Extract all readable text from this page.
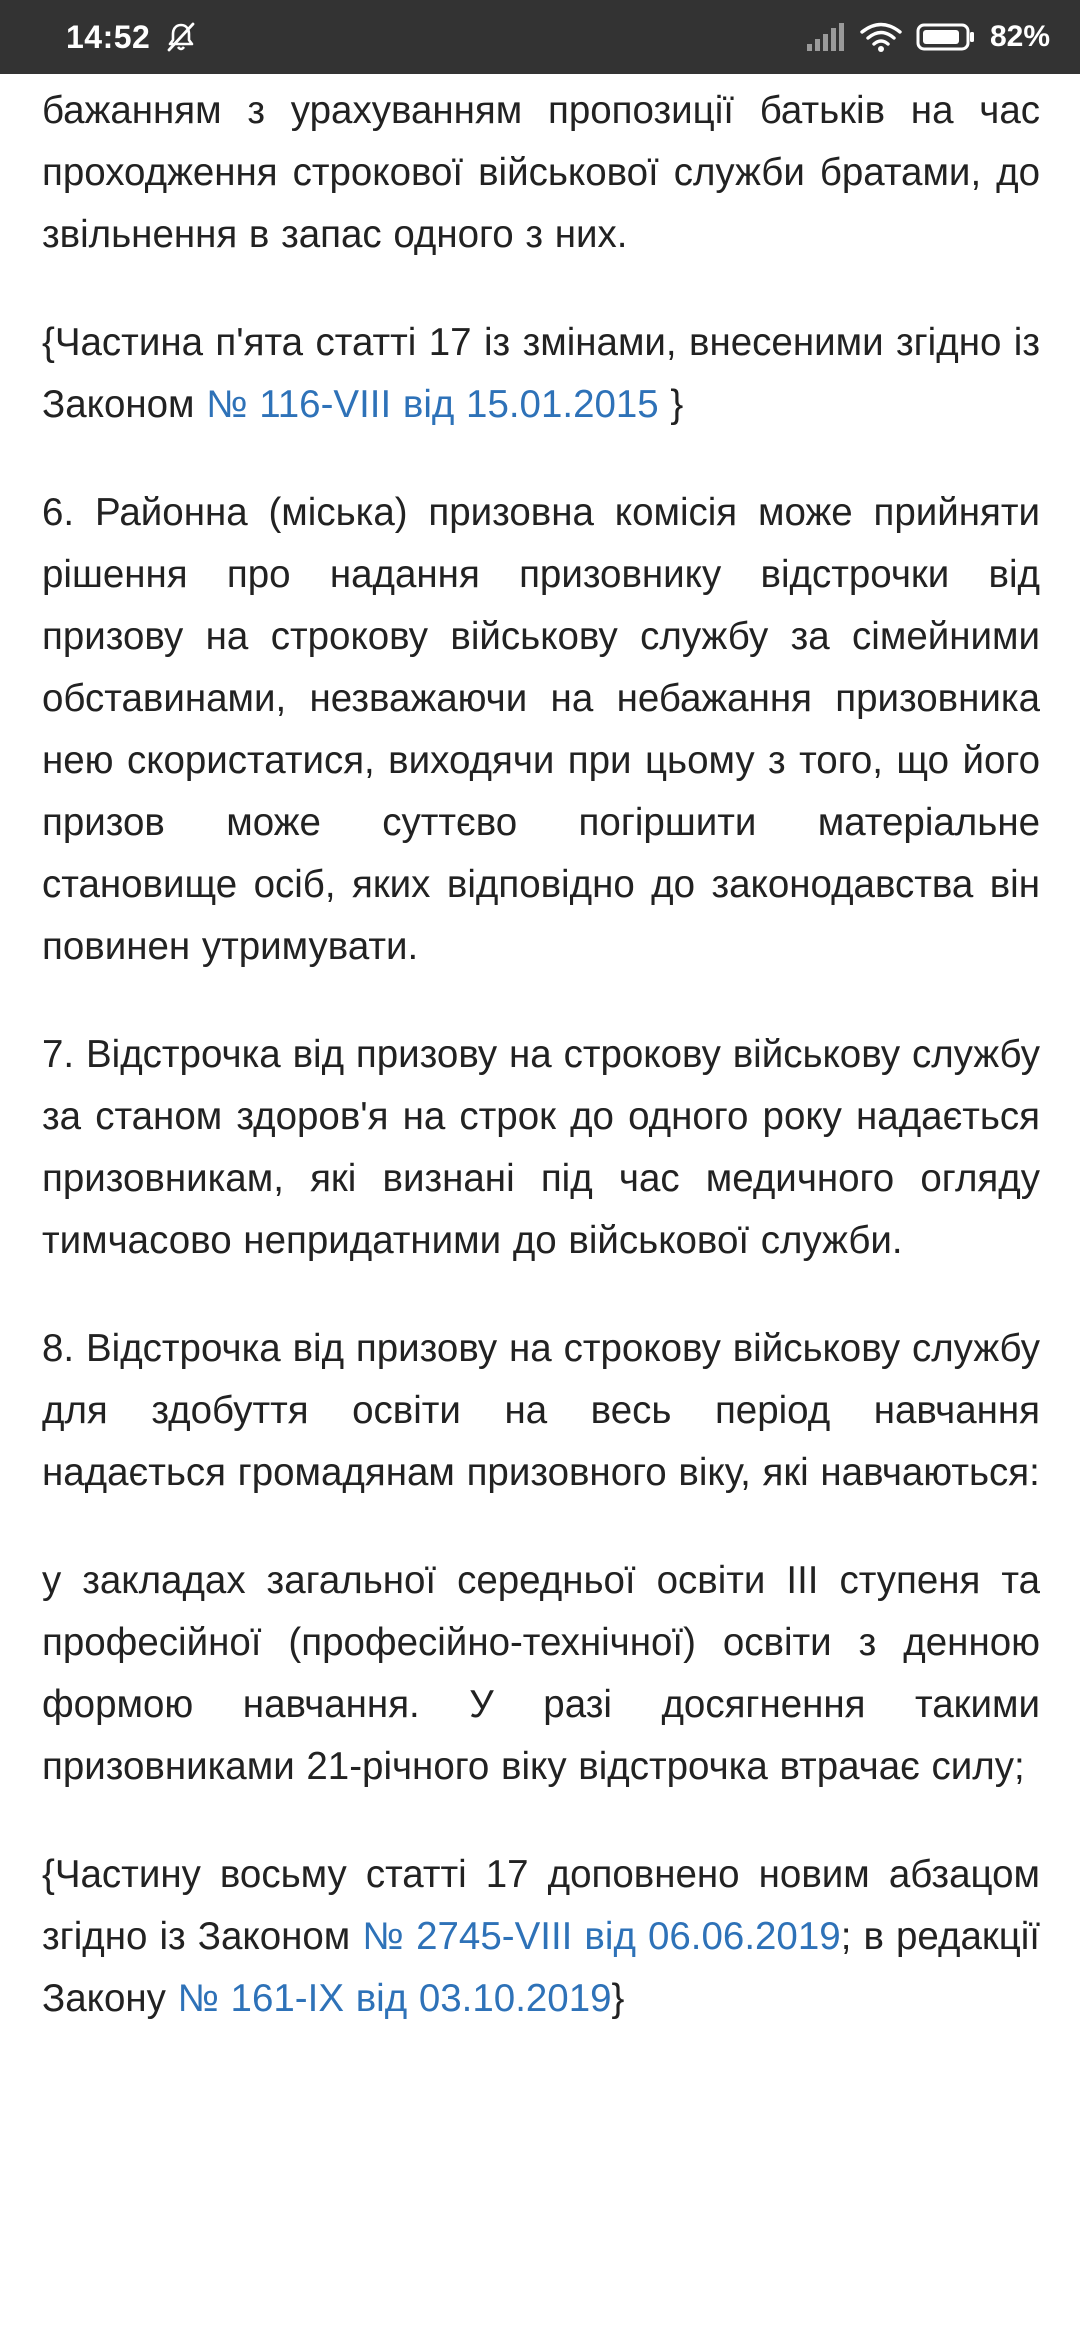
14:52	82%

бажанням з урахуванням пропозиції батьків на час проходження строкової військової служби братами, до звільнення в запас одного з них.

{Частина п'ята статті 17 із змінами, внесеними згідно із Законом № 116-VIII від 15.01.2015 }

6. Районна (міська) призовна комісія може прийняти рішення про надання призовнику відстрочки від призову на строкову військову службу за сімейними обставинами, незважаючи на небажання призовника нею скористатися, виходячи при цьому з того, що його призов може суттєво погіршити матеріальне становище осіб, яких відповідно до законодавства він повинен утримувати.

7. Відстрочка від призову на строкову військову службу за станом здоров'я на строк до одного року надається призовникам, які визнані під час медичного огляду тимчасово непридатними до військової служби.

8. Відстрочка від призову на строкову військову службу для здобуття освіти на весь період навчання надається громадянам призовного віку, які навчаються:

у закладах загальної середньої освіти III ступеня та професійної (професійно-технічної) освіти з денною формою навчання. У разі досягнення такими призовниками 21-річного віку відстрочка втрачає силу;

{Частину восьму статті 17 доповнено новим абзацом згідно із Законом № 2745-VIII від 06.06.2019; в редакції Закону № 161-IX від 03.10.2019}
